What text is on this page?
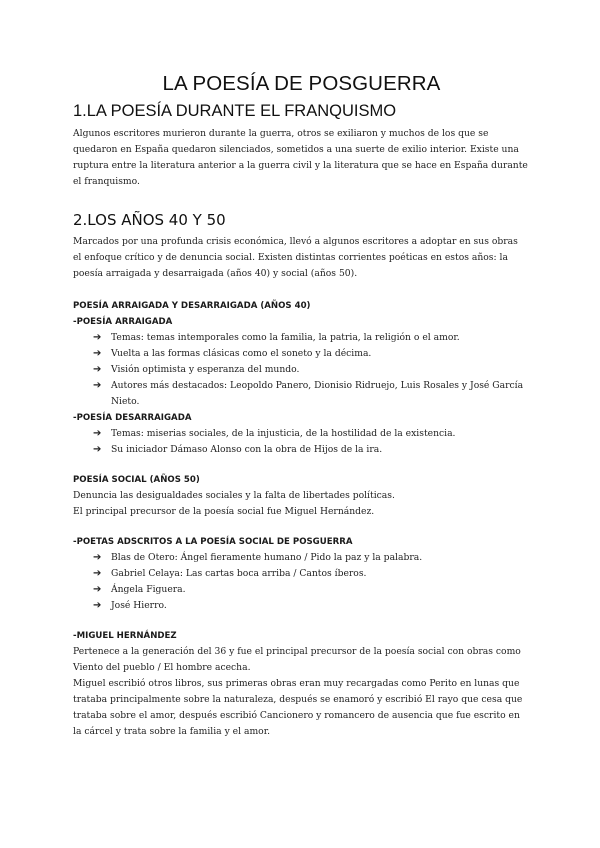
LA POESÍA DE POSGUERRA
1.LA POESÍA DURANTE EL FRANQUISMO

Algunos escritores murieron durante la guerra, otros se exiliaron y muchos de los que se

quedaron en España quedaron silenciados, sometidos a una suerte de exilio interior. Existe una

ruptura entre la literatura anterior a la guerra civil y la literatura que se hace en España durante

el franquismo.

2.LOS AÑOS 40 Y 50

Marcados por una profunda crisis económica, llevó a algunos escritores a adoptar en sus obras

el enfoque crítico y de denuncia social. Existen distintas corrientes poéticas en estos años: la

poesía arraigada y desarraigada (años 40) y social (años 50).

POESÍA ARRAIGADA Y DESARRAIGADA (AÑOS 40)

-POESÍA ARRAIGADA

➔ Temas: temas intemporales como la familia, la patria, la religión o el amor.
➔ Vuelta a las formas clásicas como el soneto y la décima.
➔ Visión optimista y esperanza del mundo.
➔ Autores más destacados: Leopoldo Panero, Dionisio Ridruejo, Luis Rosales y José García
Nieto.

-POESÍA DESARRAIGADA

➔ Temas: miserias sociales, de la injusticia, de la hostilidad de la existencia.
➔ Su iniciador Dámaso Alonso con la obra de Hijos de la ira.

POESÍA SOCIAL (AÑOS 50)

Denuncia las desigualdades sociales y la falta de libertades políticas.

El principal precursor de la poesía social fue Miguel Hernández.

-POETAS ADSCRITOS A LA POESÍA SOCIAL DE POSGUERRA

➔ Blas de Otero: Ángel fieramente humano / Pido la paz y la palabra.
➔ Gabriel Celaya: Las cartas boca arriba / Cantos íberos.
➔ Ángela Figuera.
➔ José Hierro.

-MIGUEL HERNÁNDEZ

Pertenece a la generación del 36 y fue el principal precursor de la poesía social con obras como

Viento del pueblo / El hombre acecha.

Miguel escribió otros libros, sus primeras obras eran muy recargadas como Perito en lunas que

trataba principalmente sobre la naturaleza, después se enamoró y escribió El rayo que cesa que

trataba sobre el amor, después escribió Cancionero y romancero de ausencia que fue escrito en

la cárcel y trata sobre la familia y el amor.
